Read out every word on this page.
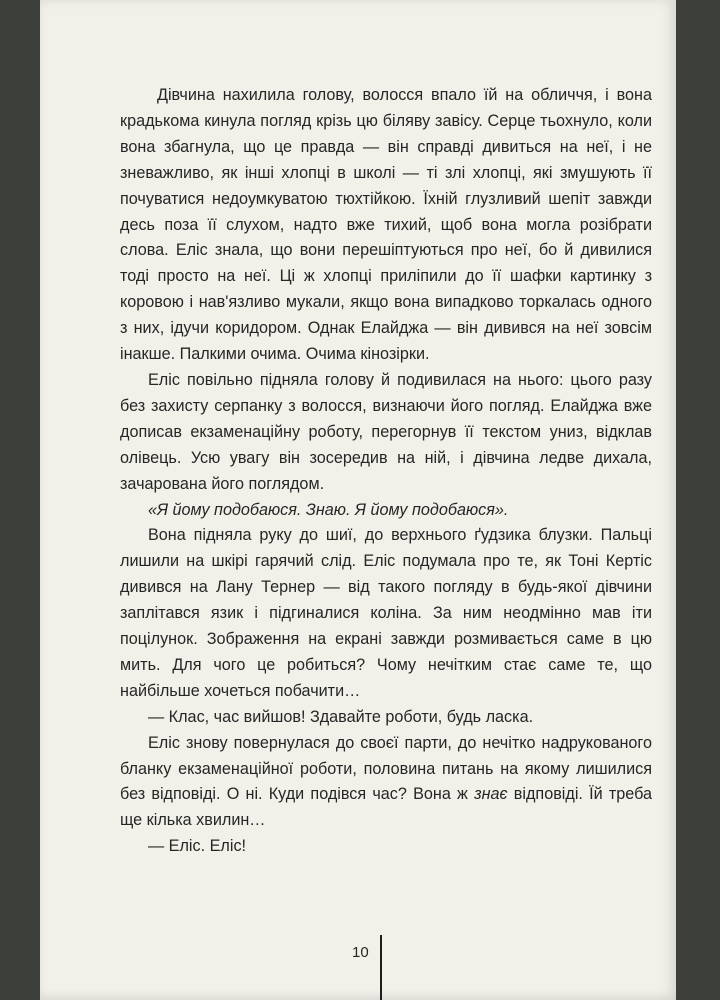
Дівчина нахилила голову, волосся впало їй на обличчя, і вона крадькома кинула погляд крізь цю біляву завісу. Серце тьохнуло, коли вона збагнула, що це правда — він справді дивиться на неї, і не зневажливо, як інші хлопці в школі — ті злі хлопці, які змушують її почуватися недоумкуватою тюхтійкою. Їхній глузливий шепіт завжди десь поза її слухом, надто вже тихий, щоб вона могла розібрати слова. Еліс знала, що вони перешіптуються про неї, бо й дивилися тоді просто на неї. Ці ж хлопці приліпили до її шафки картинку з коровою і нав'язливо мукали, якщо вона випадково торкалась одного з них, ідучи коридором. Однак Елайджа — він дивився на неї зовсім інакше. Палкими очима. Очима кінозірки.

Еліс повільно підняла голову й подивилася на нього: цього разу без захисту серпанку з волосся, визнаючи його погляд. Елайджа вже дописав екзаменаційну роботу, перегорнув її текстом униз, відклав олівець. Усю увагу він зосередив на ній, і дівчина ледве дихала, зачарована його поглядом.

«Я йому подобаюся. Знаю. Я йому подобаюся».

Вона підняла руку до шиї, до верхнього ґудзика блузки. Пальці лишили на шкірі гарячий слід. Еліс подумала про те, як Тоні Кертіс дивився на Лану Тернер — від такого погляду в будь-якої дівчини заплітався язик і підгиналися коліна. За ним неодмінно мав іти поцілунок. Зображення на екрані завжди розмивається саме в цю мить. Для чого це робиться? Чому нечітким стає саме те, що найбільше хочеться побачити…

— Клас, час вийшов! Здавайте роботи, будь ласка.

Еліс знову повернулася до своєї парти, до нечітко надрукованого бланку екзаменаційної роботи, половина питань на якому лишилися без відповіді. О ні. Куди подівся час? Вона ж знає відповіді. Їй треба ще кілька хвилин…

— Еліс. Еліс!

10
